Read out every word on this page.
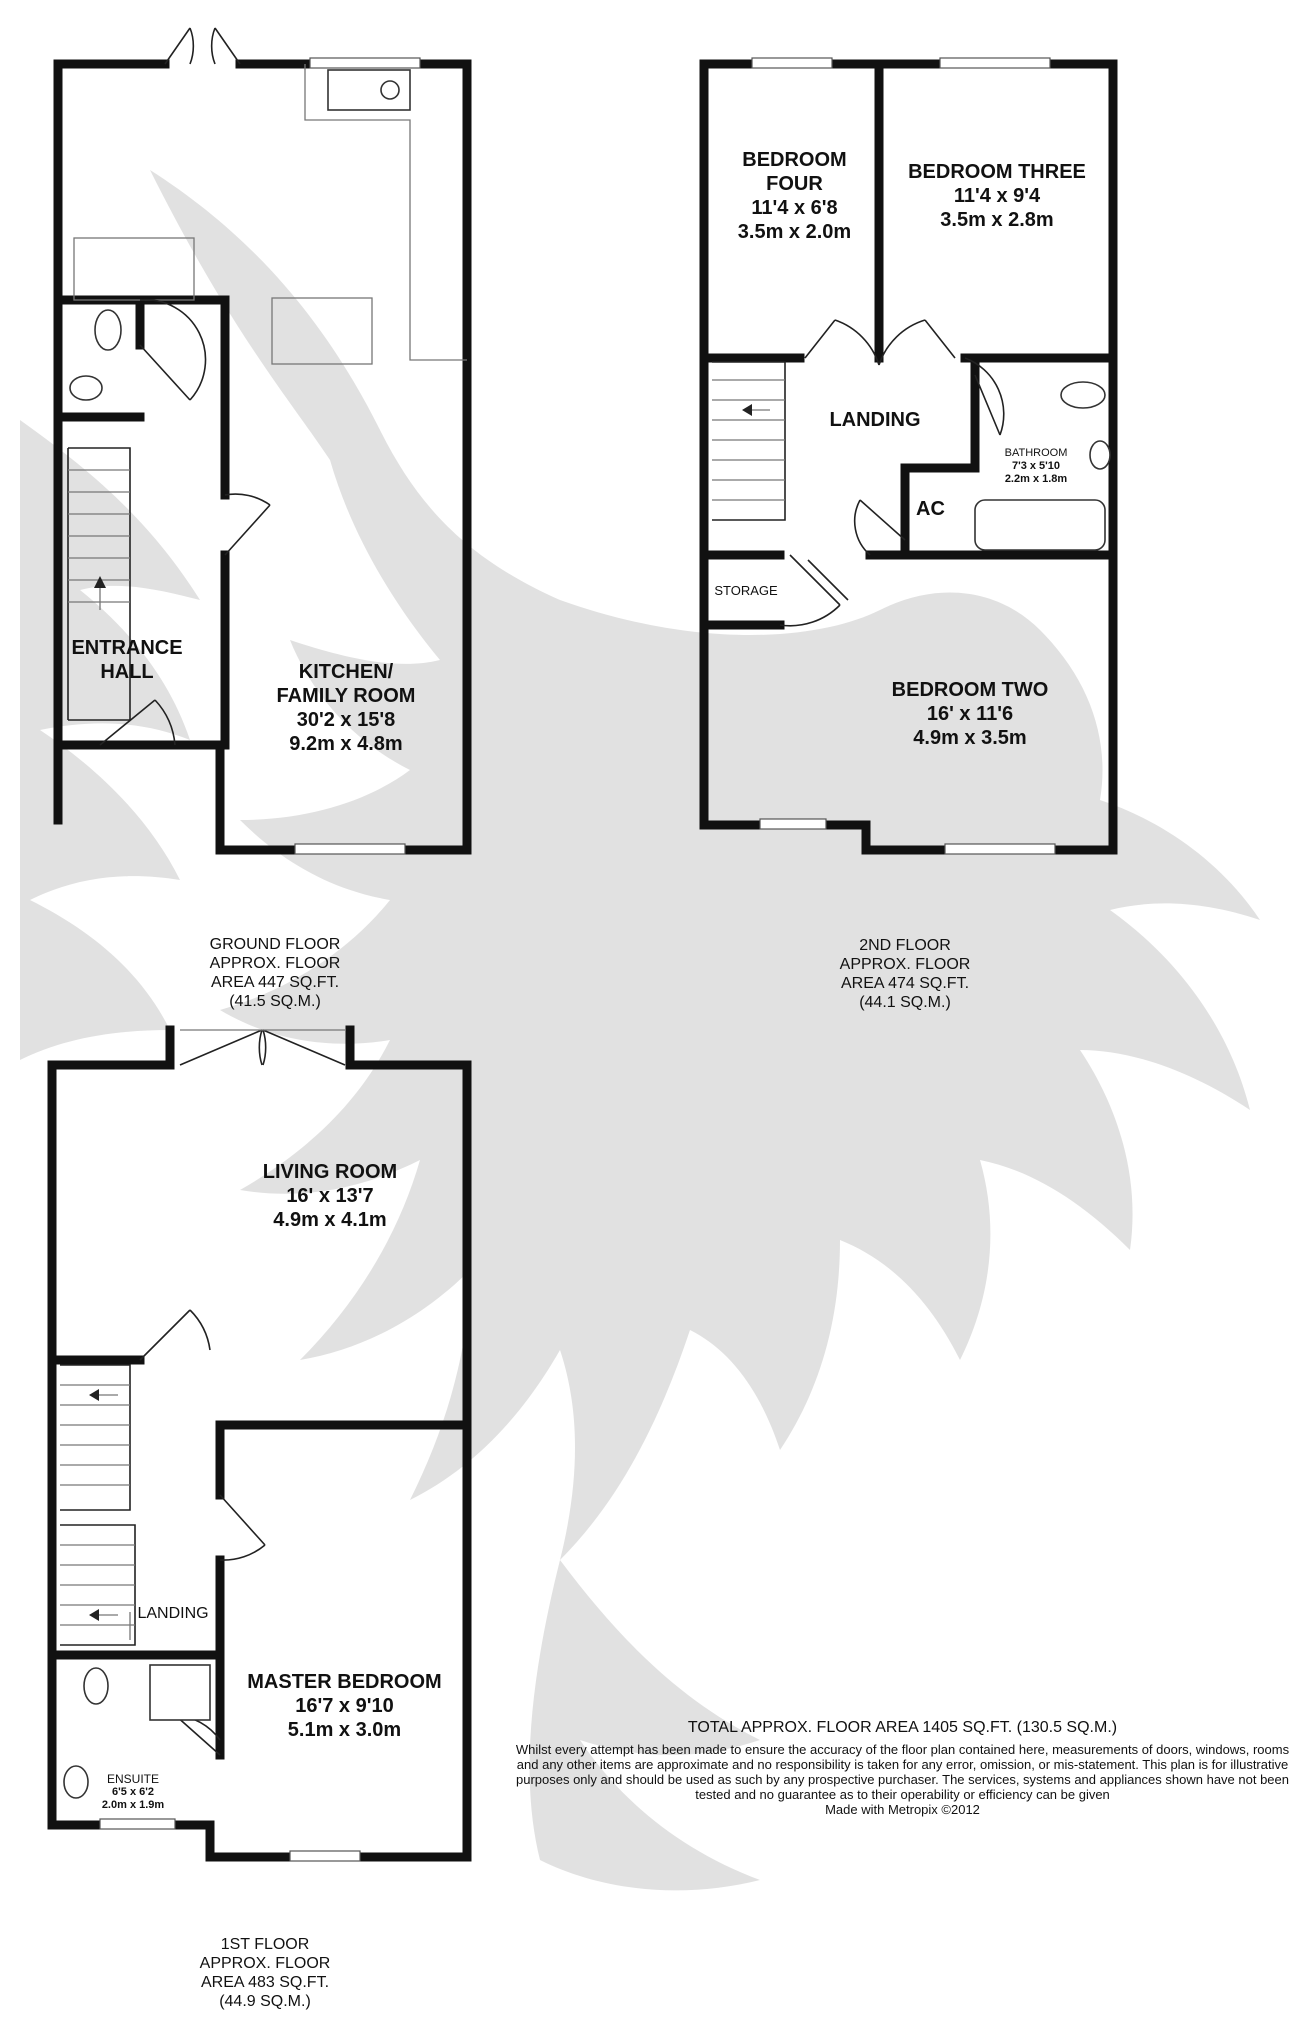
ENTRANCE
HALL	KITCHEN/
FAMILY ROOM
30'2 x 15'8
9.2m x 4.8m
GROUND FLOOR
APPROX. FLOOR
AREA 447 SQ.FT.
(41.5 SQ.M.)
BEDROOM
FOUR
11'4 x 6'8
3.5m x 2.0m
BEDROOM THREE
11'4 x 9'4
3.5m x 2.8m
LANDING
BATHROOM
7'3 x 5'10
2.2m x 1.8m
AC
STORAGE
BEDROOM TWO
16' x 11'6
4.9m x 3.5m
2ND FLOOR
APPROX. FLOOR
AREA 474 SQ.FT.
(44.1 SQ.M.)
LIVING ROOM
16' x 13'7
4.9m x 4.1m
LANDING
MASTER BEDROOM
16'7 x 9'10
5.1m x 3.0m
ENSUITE
6'5 x 6'2
2.0m x 1.9m
1ST FLOOR
APPROX. FLOOR
AREA 483 SQ.FT.
(44.9 SQ.M.)
TOTAL APPROX. FLOOR AREA 1405 SQ.FT. (130.5 SQ.M.)
Whilst every attempt has been made to ensure the accuracy of the floor plan contained here, measurements of doors, windows, rooms and any other items are approximate and no responsibility is taken for any error, omission, or mis-statement. This plan is for illustrative purposes only and should be used as such by any prospective purchaser. The services, systems and appliances shown have not been tested and no guarantee as to their operability or efficiency can be given
Made with Metropix ©2012
